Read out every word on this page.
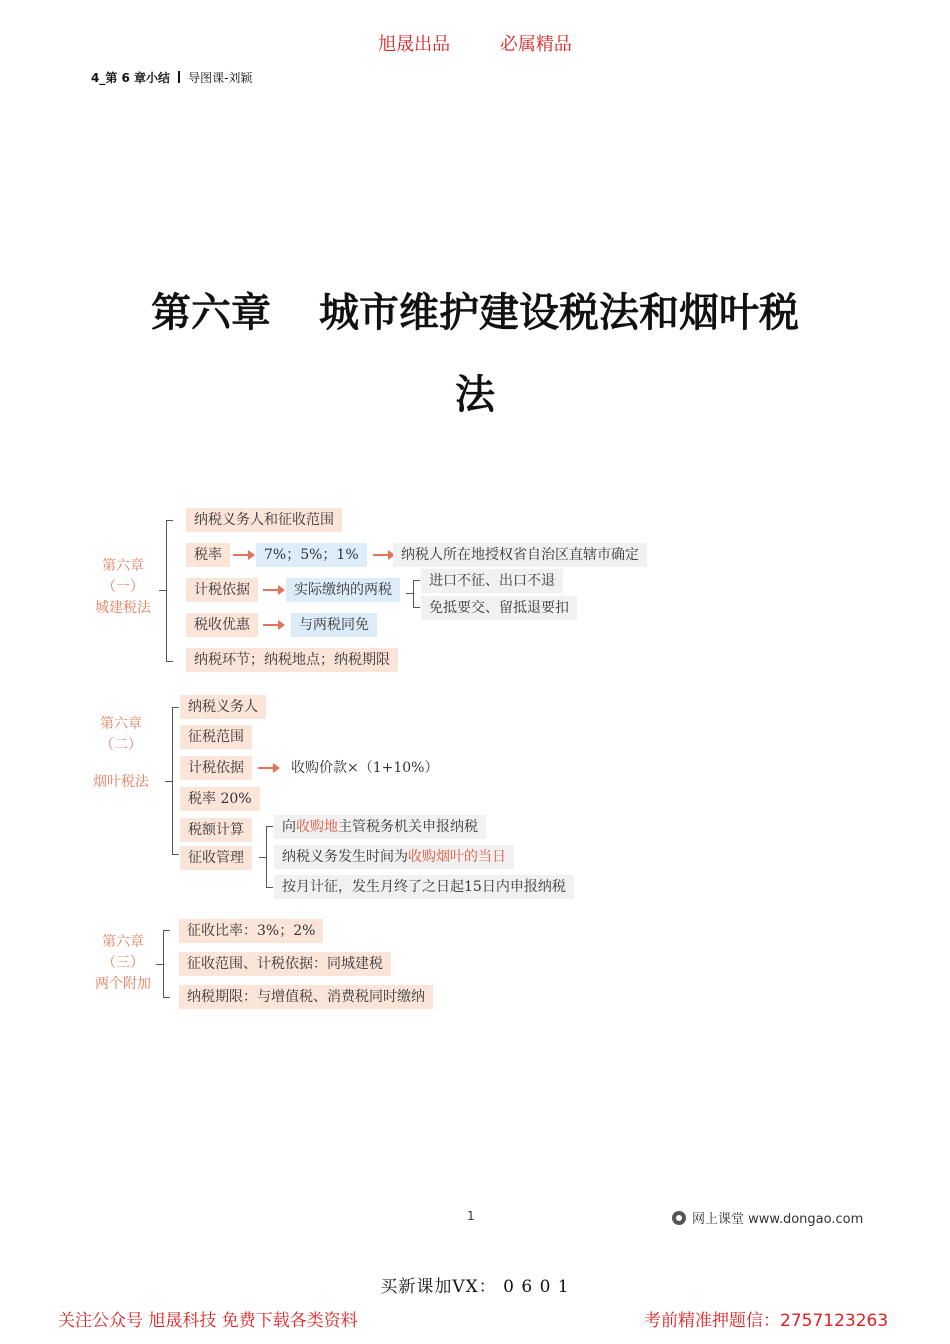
旭晟出品	必属精品
4_第 6 章小结 导图课-刘颖
第六章 城市维护建设税法和烟叶税
法
第六章
（一）
城建税法
纳税义务人和征收范围
税率	7%；5%；1%	纳税人所在地授权省自治区直辖市确定
计税依据	实际缴纳的两税
进口不征、出口不退
免抵要交、留抵退要扣
税收优惠	与两税同免
纳税环节；纳税地点；纳税期限
第六章
（二）
烟叶税法
纳税义务人
征税范围
计税依据	收购价款×（1+10%）
税率 20%
税额计算
征收管理
向收购地主管税务机关申报纳税
纳税义务发生时间为收购烟叶的当日
按月计征，发生月终了之日起15日内申报纳税
第六章
（三）
两个附加
征收比率：3%；2%
征收范围、计税依据：同城建税
纳税期限：与增值税、消费税同时缴纳
1	网上课堂 www.dongao.com
买新课加VX： 0 6 0 1
关注公众号 旭晟科技 免费下载各类资料	考前精准押题信：2757123263
